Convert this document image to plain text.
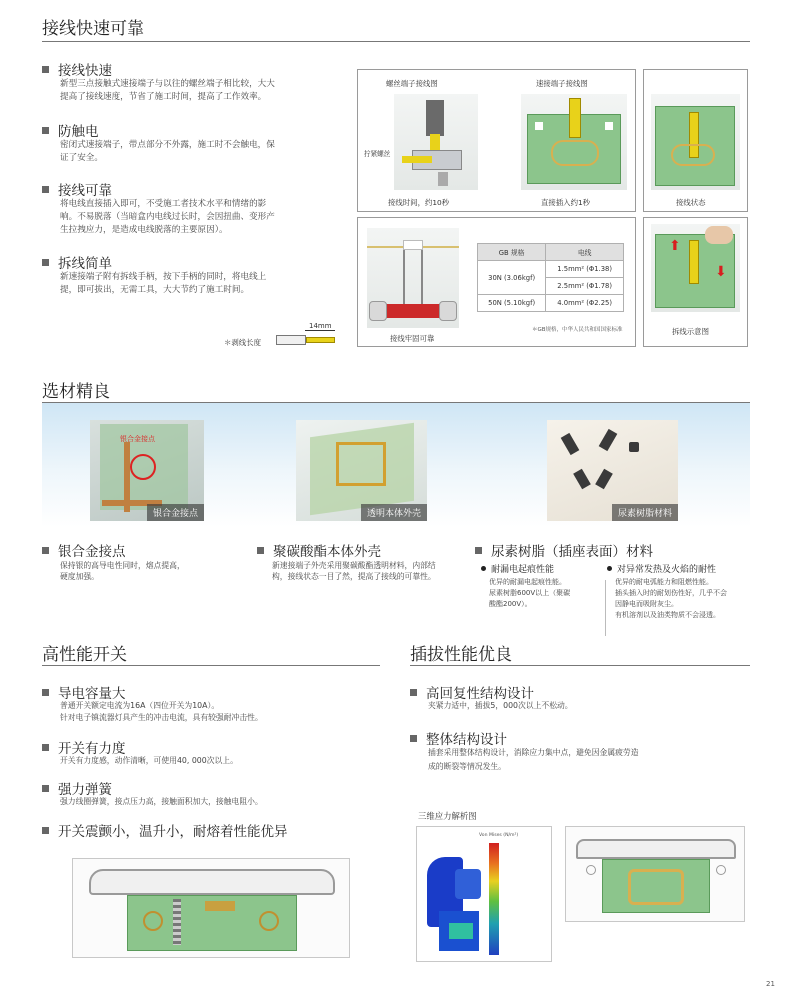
接线快速可靠
接线快速
新型三点接触式速接端子与以往的螺丝端子相比较，大大
提高了接线速度，节省了施工时间，提高了工作效率。
防触电
密闭式速接端子，带点部分不外露，施工时不会触电，保
证了安全。
接线可靠
将电线直接插入即可，不受施工者技术水平和情绪的影
响。不易脱落（当暗盒内电线过长时，会因扭曲、变形产
生拉拽应力，是造成电线脱落的主要原因）。
拆线简单
新速接端子附有拆线手柄，按下手柄的同时，将电线上
提，即可拔出，无需工具，大大节约了施工时间。
＊剥线长度
14mm
螺丝端子接线图	速接端子接线图
拧紧螺丝
接线时间，约10秒	直接插入约1秒	接线状态
接线牢固可靠
GB 规格	电线
30N (3.06kgf)	1.5mm² (Φ1.38)
	2.5mm² (Φ1.78)
50N (5.10kgf)	4.0mm² (Φ2.25)
＊GB规格，中华人民共和国国家标准
⬆
⬇
拆线示意图
选材精良
银合金接点
银合金接点	透明本体外壳	尿素树脂材料
银合金接点
保持银的高导电性同时，熔点提高，
硬度加强。
聚碳酸酯本体外壳
新速接端子外壳采用聚碳酸酯透明材料，内部结
构，接线状态一目了然，提高了接线的可靠性。
尿素树脂（插座表面）材料
耐漏电起痕性能
优异的耐漏电起痕性能。
尿素树脂600V以上（聚碳
酸酯200V）。
对异常发热及火焰的耐性
优异的耐电弧能力和阻燃性能。
插头插入时的耐划伤性好，几乎不会
因静电而吸附灰尘。
有机溶剂以及油类物质不会浸透。
高性能开关
导电容量大
普通开关额定电流为16A（四位开关为10A）。
针对电子镇流器灯具产生的冲击电流，具有较强耐冲击性。
开关有力度
开关有力度感，动作清晰，可使用40, 000次以上。
强力弹簧
强力线圈弹簧，接点压力高，接触面积加大，接触电阻小。
开关震颤小，温升小，耐熔着性能优异
插拔性能优良
高回复性结构设计
夹紧力适中，插拔5，000次以上不松动。
整体结构设计
插套采用整体结构设计，消除应力集中点，避免因金属疲劳造
成的断裂等情况发生。
三维应力解析图
Von Mises (N/m²)
21
